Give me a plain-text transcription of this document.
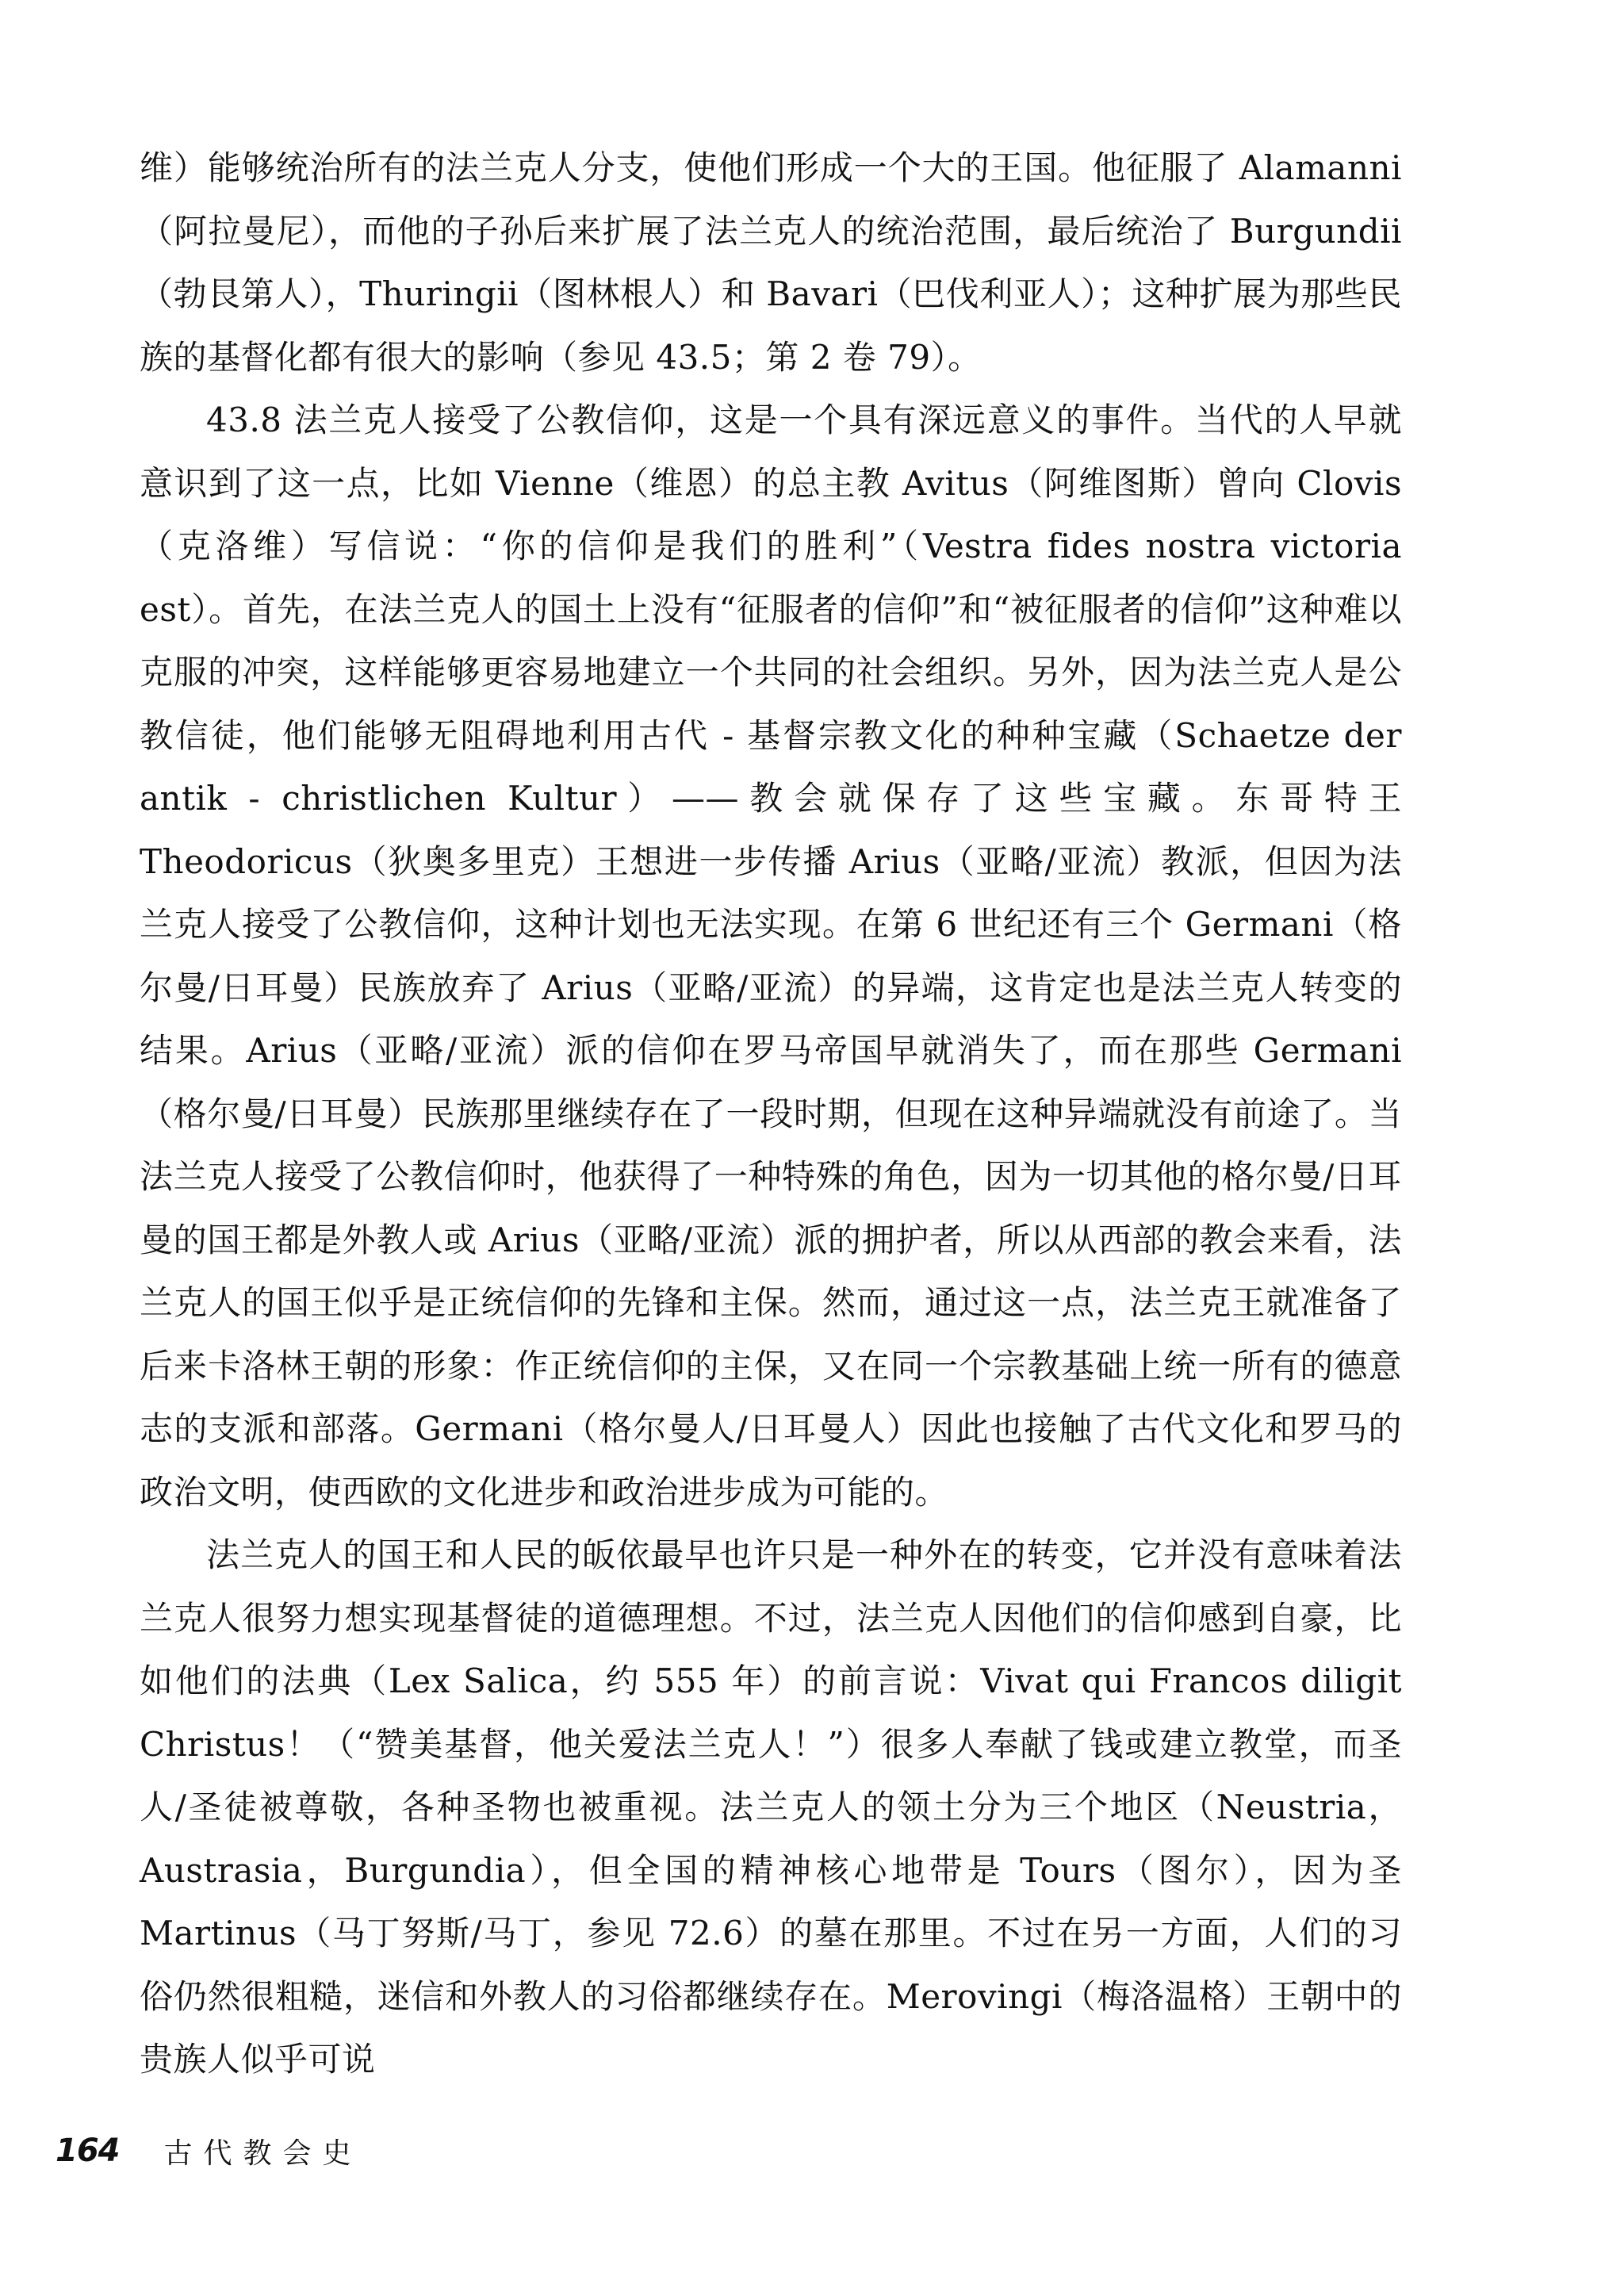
维）能够统治所有的法兰克人分支，使他们形成一个大的王国。他征服了 Alamanni（阿拉曼尼），而他的子孙后来扩展了法兰克人的统治范围，最后统治了 Burgundii（勃艮第人），Thuringii（图林根人）和 Bavari（巴伐利亚人）；这种扩展为那些民族的基督化都有很大的影响（参见 43.5；第 2 卷 79）。

43.8 法兰克人接受了公教信仰，这是一个具有深远意义的事件。当代的人早就意识到了这一点，比如 Vienne（维恩）的总主教 Avitus（阿维图斯）曾向 Clovis（克洛维）写信说：“你的信仰是我们的胜利”（Vestra fides nostra victoria est）。首先，在法兰克人的国土上没有“征服者的信仰”和“被征服者的信仰”这种难以克服的冲突，这样能够更容易地建立一个共同的社会组织。另外，因为法兰克人是公教信徒，他们能够无阻碍地利用古代 - 基督宗教文化的种种宝藏（Schaetze der antik - christlichen Kultur）——教会就保存了这些宝藏。东哥特王 Theodoricus（狄奥多里克）王想进一步传播 Arius（亚略/亚流）教派，但因为法兰克人接受了公教信仰，这种计划也无法实现。在第 6 世纪还有三个 Germani（格尔曼/日耳曼）民族放弃了 Arius（亚略/亚流）的异端，这肯定也是法兰克人转变的结果。Arius（亚略/亚流）派的信仰在罗马帝国早就消失了，而在那些 Germani（格尔曼/日耳曼）民族那里继续存在了一段时期，但现在这种异端就没有前途了。当法兰克人接受了公教信仰时，他获得了一种特殊的角色，因为一切其他的格尔曼/日耳曼的国王都是外教人或 Arius（亚略/亚流）派的拥护者，所以从西部的教会来看，法兰克人的国王似乎是正统信仰的先锋和主保。然而，通过这一点，法兰克王就准备了后来卡洛林王朝的形象：作正统信仰的主保，又在同一个宗教基础上统一所有的德意志的支派和部落。Germani（格尔曼人/日耳曼人）因此也接触了古代文化和罗马的政治文明，使西欧的文化进步和政治进步成为可能的。

法兰克人的国王和人民的皈依最早也许只是一种外在的转变，它并没有意味着法兰克人很努力想实现基督徒的道德理想。不过，法兰克人因他们的信仰感到自豪，比如他们的法典（Lex Salica，约 555 年）的前言说：Vivat qui Francos diligit Christus！（“赞美基督，他关爱法兰克人！”）很多人奉献了钱或建立教堂，而圣人/圣徒被尊敬，各种圣物也被重视。法兰克人的领土分为三个地区（Neustria，Austrasia，Burgundia），但全国的精神核心地带是 Tours（图尔），因为圣 Martinus（马丁努斯/马丁，参见 72.6）的墓在那里。不过在另一方面，人们的习俗仍然很粗糙，迷信和外教人的习俗都继续存在。Merovingi（梅洛温格）王朝中的贵族人似乎可说

164 古代教会史
